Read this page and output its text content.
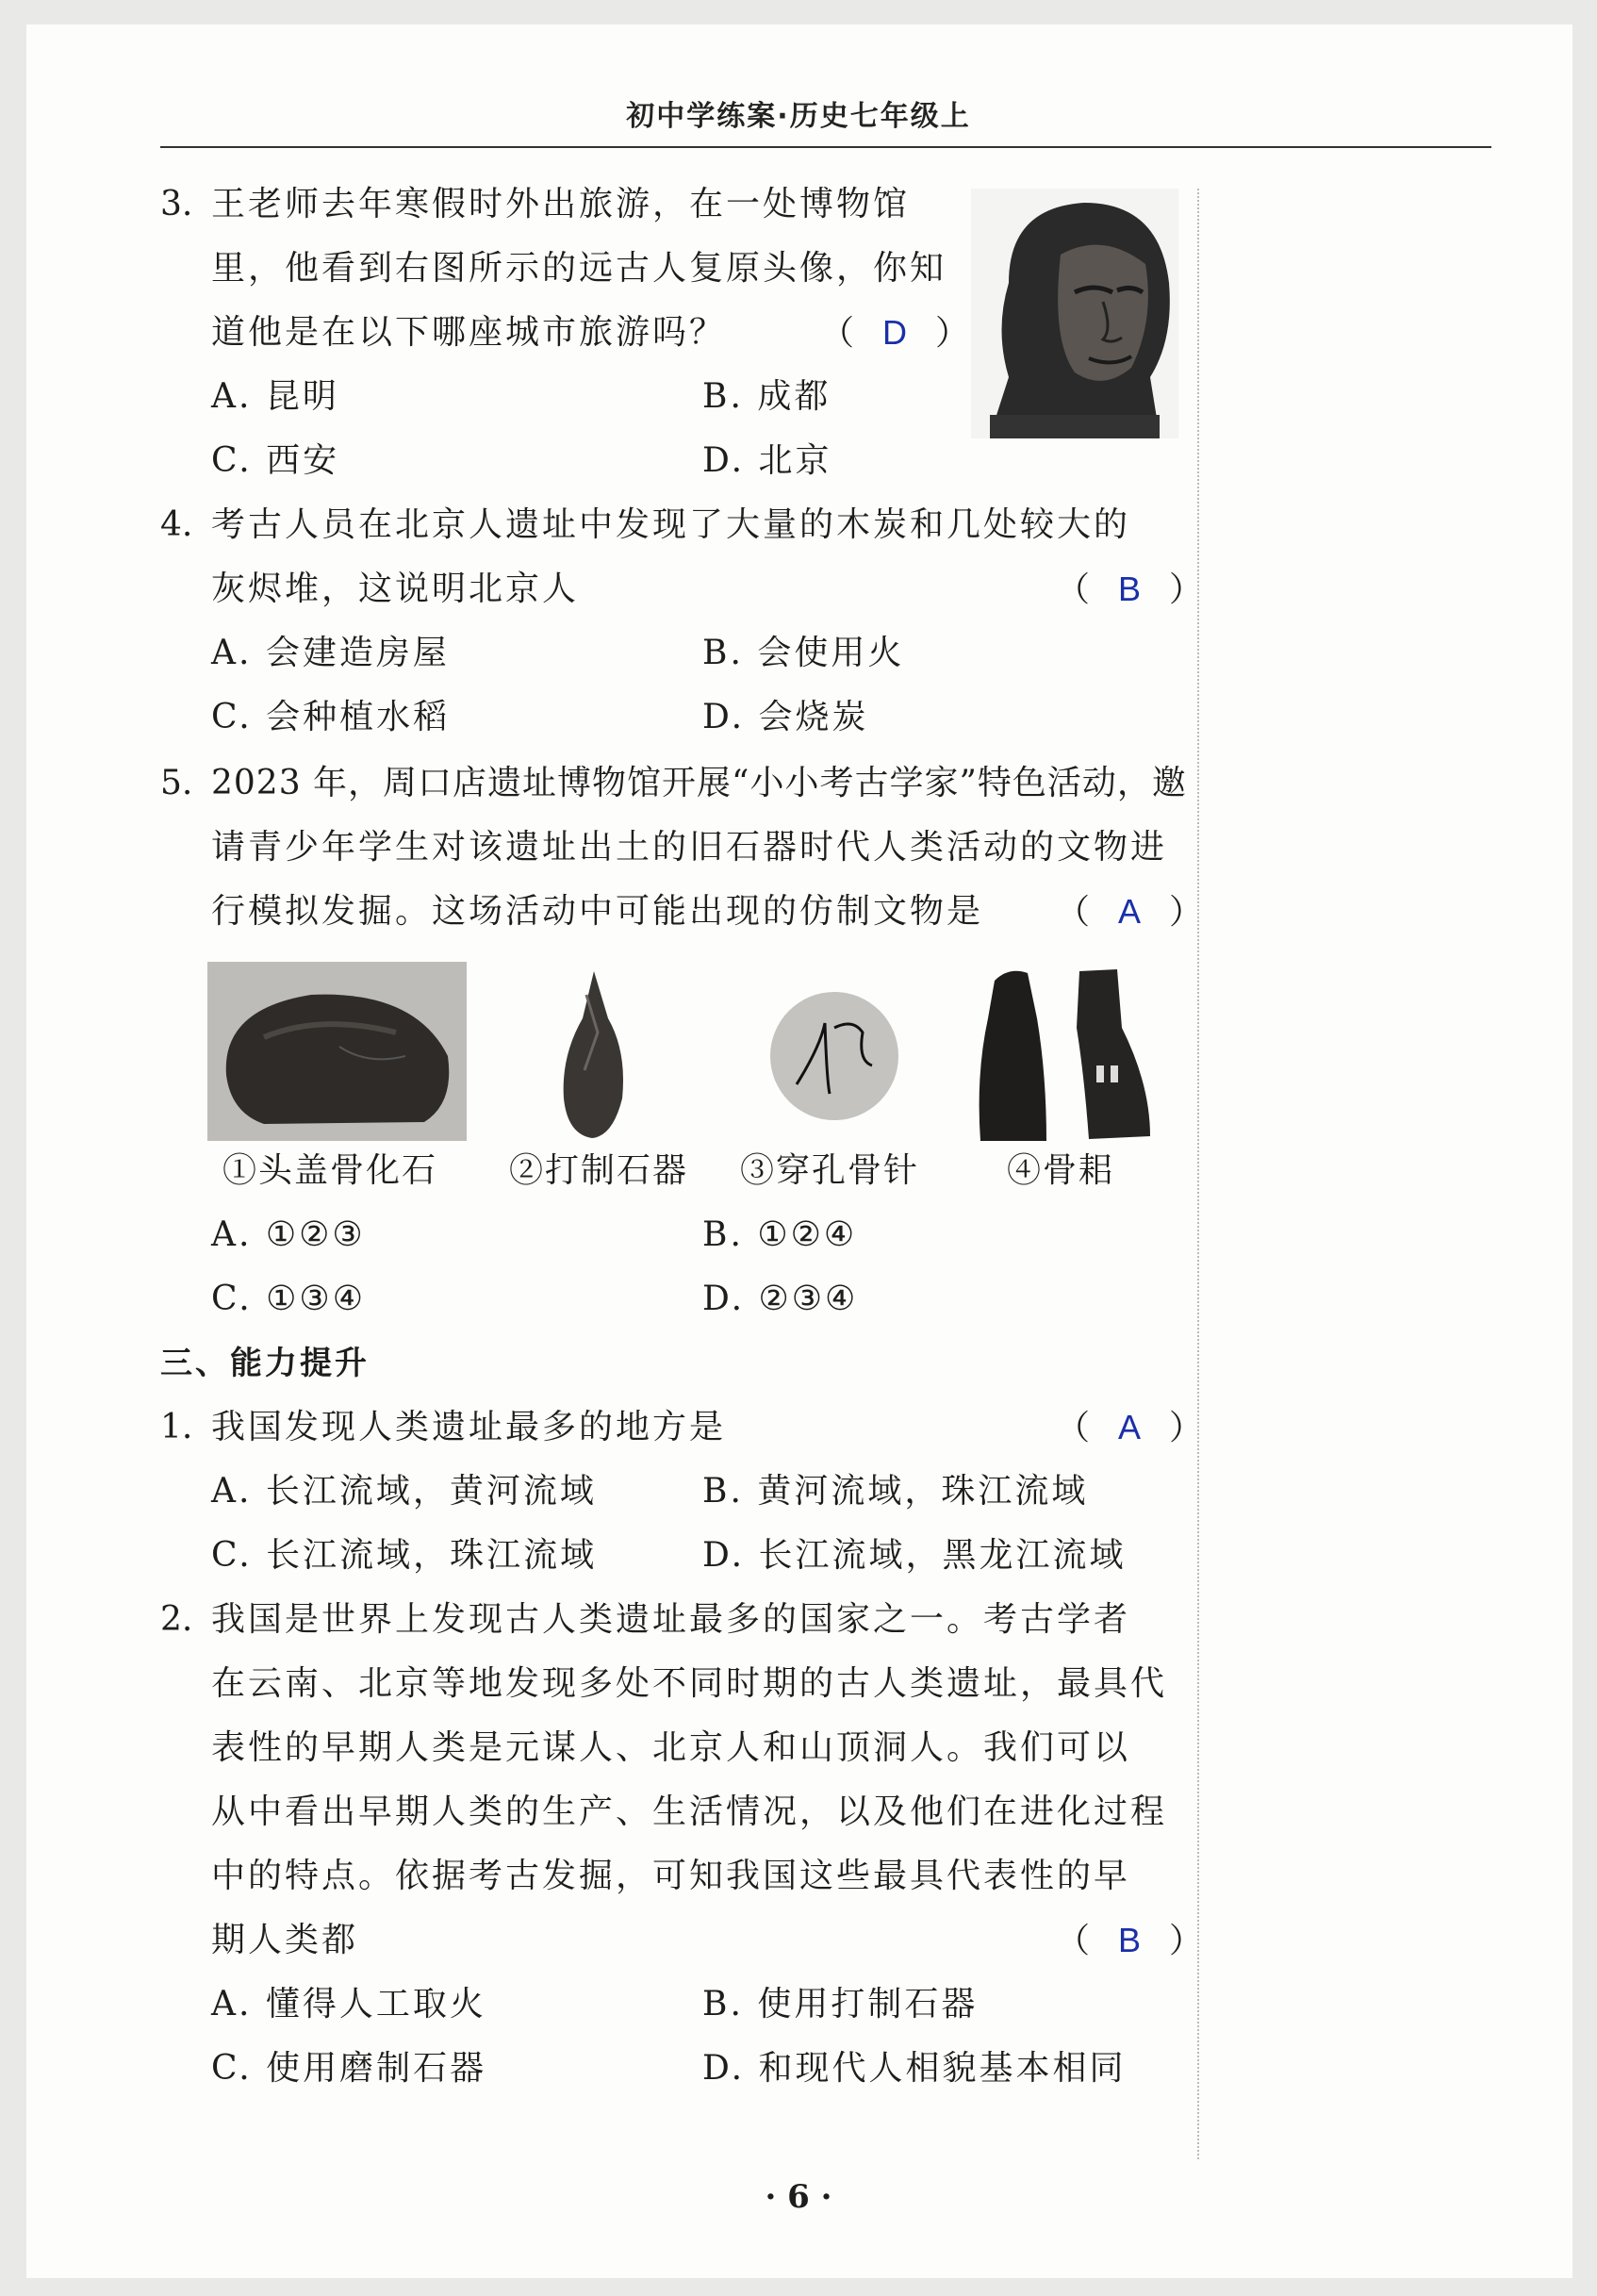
初中学练案·历史七年级上
3. 王老师去年寒假时外出旅游，在一处博物馆
里，他看到右图所示的远古人复原头像，你知
道他是在以下哪座城市旅游吗？	（ D ）
A. 昆明	B. 成都
C. 西安	D. 北京
4. 考古人员在北京人遗址中发现了大量的木炭和几处较大的
灰烬堆，这说明北京人	（ B ）
A. 会建造房屋	B. 会使用火
C. 会种植水稻	D. 会烧炭
5. 2023 年，周口店遗址博物馆开展“小小考古学家”特色活动，邀
请青少年学生对该遗址出土的旧石器时代人类活动的文物进
行模拟发掘。这场活动中可能出现的仿制文物是 （ A ）
①头盖骨化石 ②打制石器 ③穿孔骨针	④骨耜
A. ①②③	B. ①②④
C. ①③④	D. ②③④
三、能力提升
1. 我国发现人类遗址最多的地方是	（ A ）
A. 长江流域，黄河流域	B. 黄河流域，珠江流域
C. 长江流域，珠江流域	D. 长江流域，黑龙江流域
2. 我国是世界上发现古人类遗址最多的国家之一。考古学者
在云南、北京等地发现多处不同时期的古人类遗址，最具代
表性的早期人类是元谋人、北京人和山顶洞人。我们可以
从中看出早期人类的生产、生活情况，以及他们在进化过程
中的特点。依据考古发掘，可知我国这些最具代表性的早
期人类都	（ B ）
A. 懂得人工取火	B. 使用打制石器
C. 使用磨制石器	D. 和现代人相貌基本相同
· 6 ·
